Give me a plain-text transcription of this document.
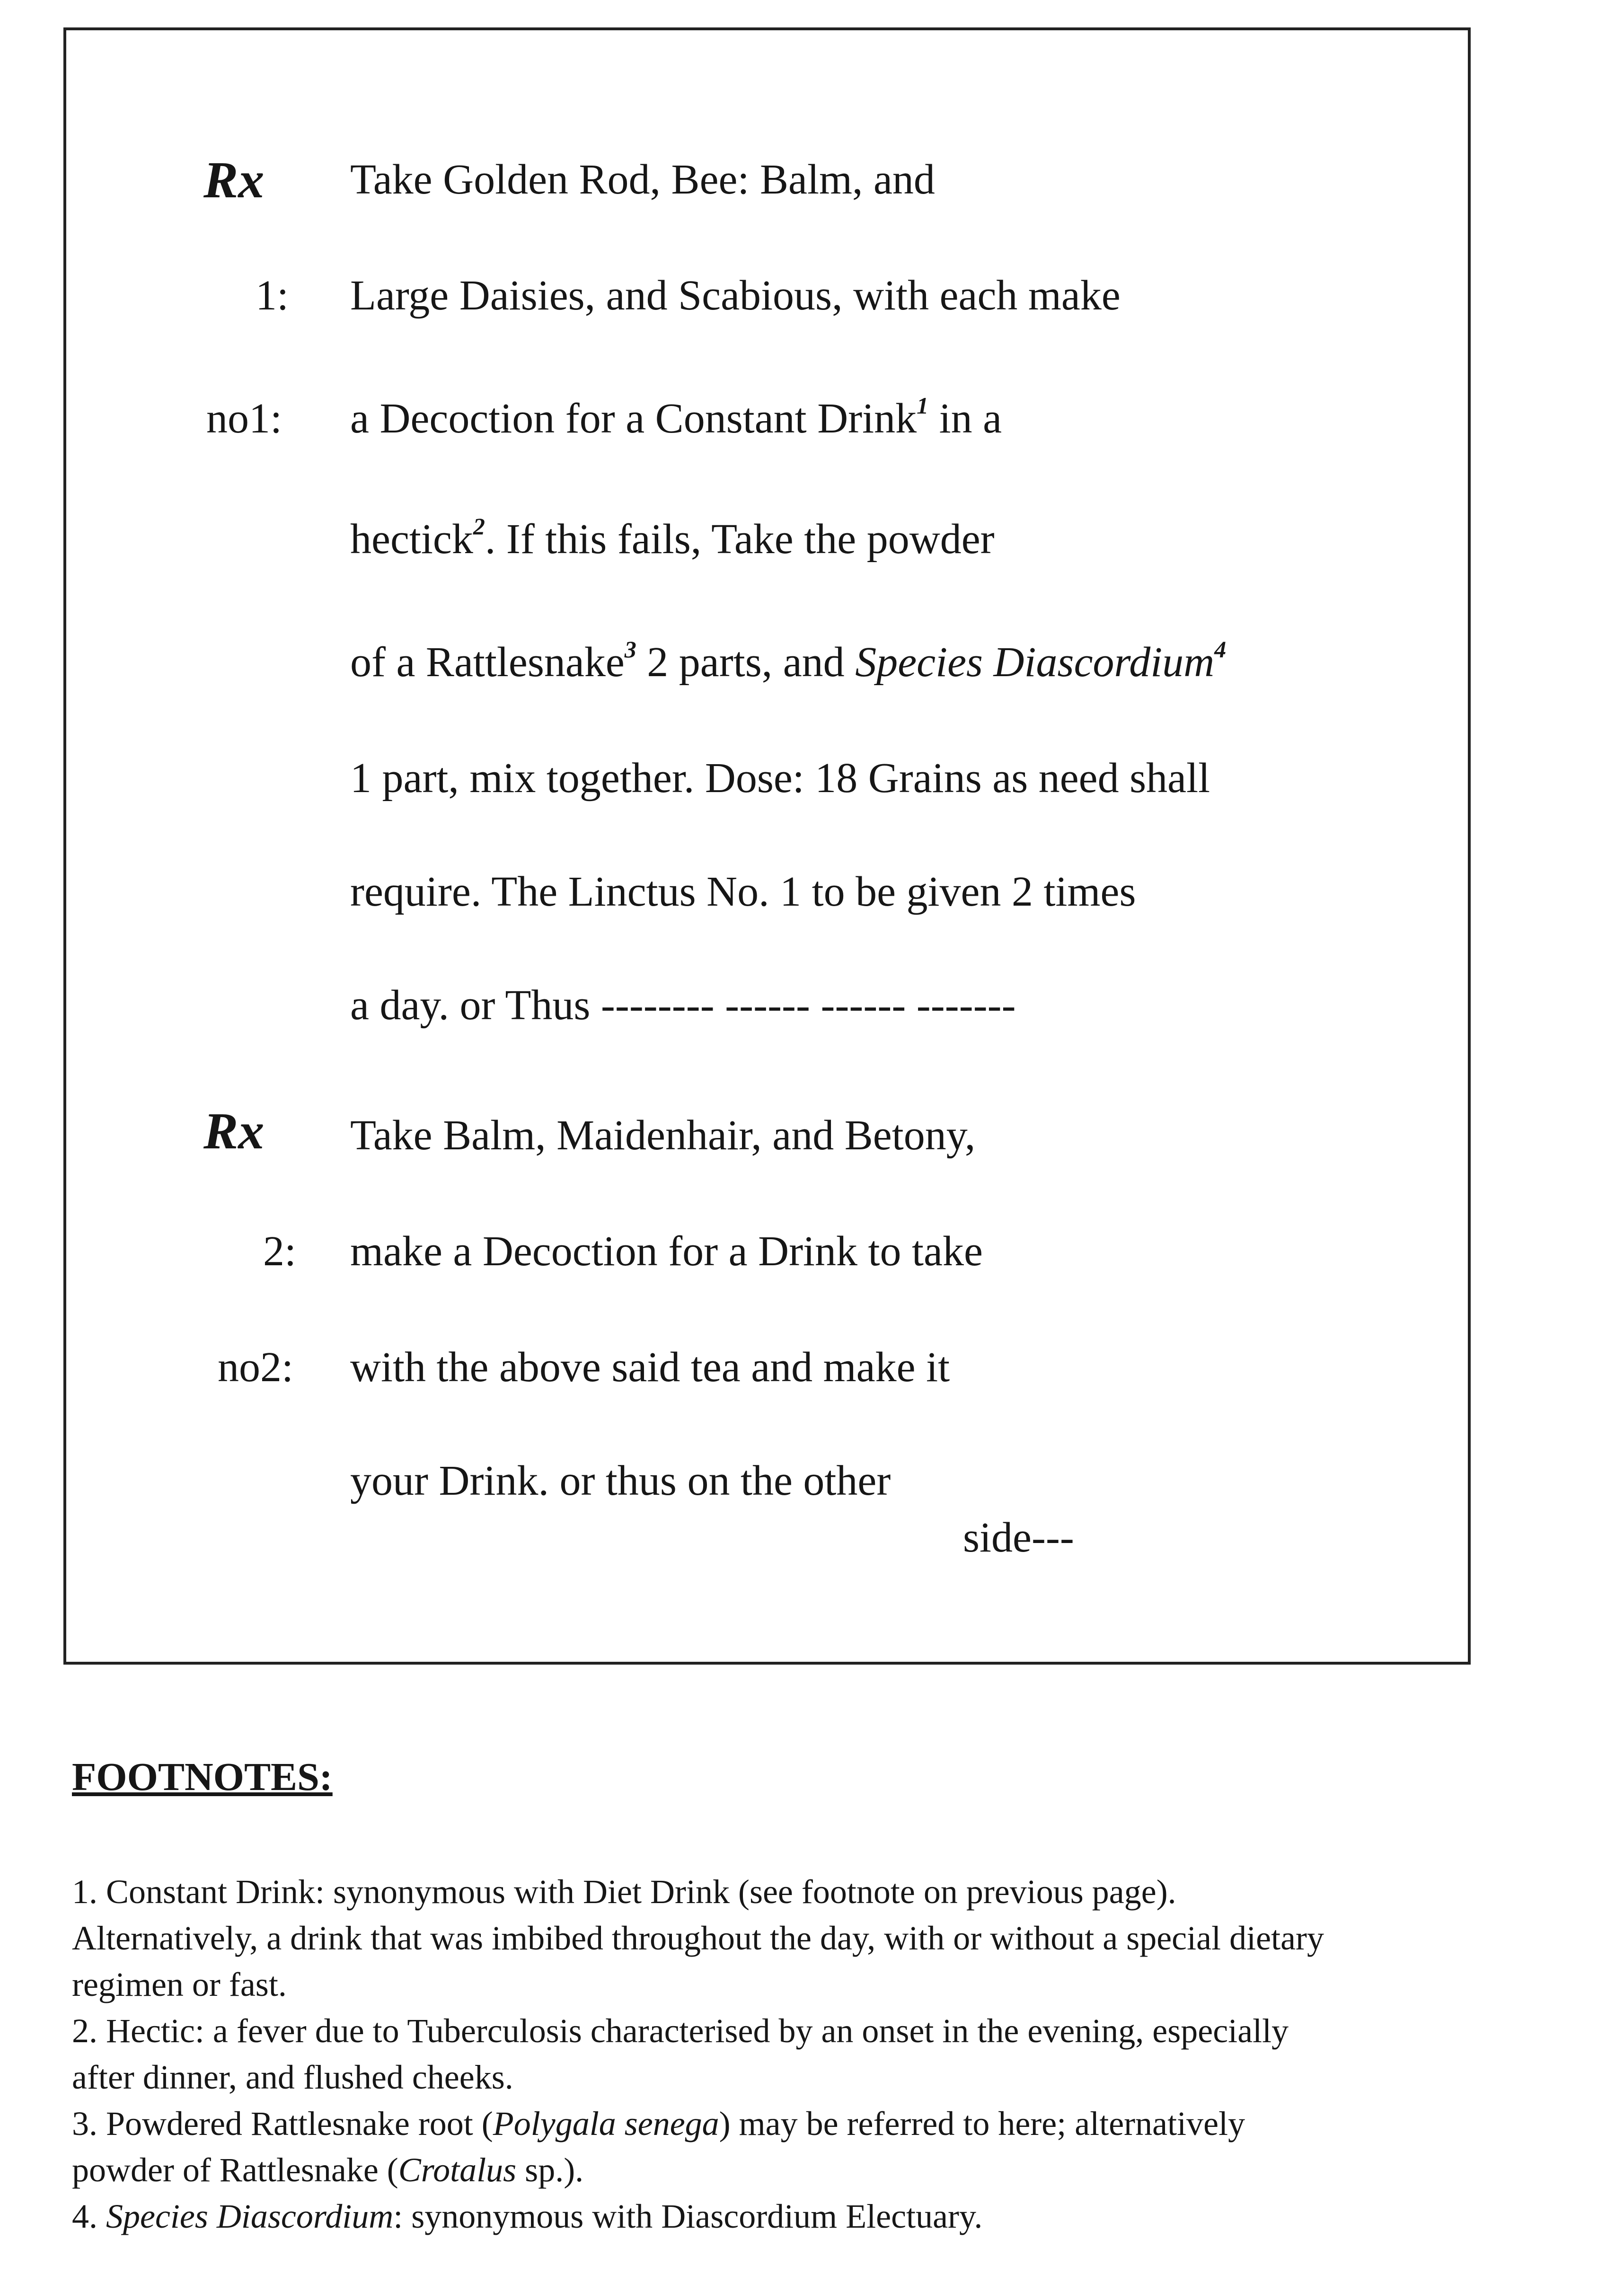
Rx
1:
no1:
Take Golden Rod, Bee: Balm, and
Large Daisies, and Scabious, with each make
a Decoction for a Constant Drink$^1$ in a
hectick$^2$. If this fails, Take the powder
of a Rattlesnake$^3$ 2 parts, and Species Diascordium$^4$
1 part, mix together. Dose: 18 Grains as need shall
require. The Linctus No. 1 to be given 2 times
a day. or Thus -------- ------ ------ -------
Rx
2:
no2:
Take Balm, Maidenhair, and Betony,
make a Decoction for a Drink to take
with the above said tea and make it
your Drink. or thus on the other
side---
FOOTNOTES:
1. Constant Drink: synonymous with Diet Drink (see footnote on previous page).
Alternatively, a drink that was imbibed throughout the day, with or without a special dietary
regimen or fast.
2. Hectic: a fever due to Tuberculosis characterised by an onset in the evening, especially
after dinner, and flushed cheeks.
3. Powdered Rattlesnake root (Polygala senega) may be referred to here; alternatively
powder of Rattlesnake (Crotalus sp.).
4. Species Diascordium: synonymous with Diascordium Electuary.
